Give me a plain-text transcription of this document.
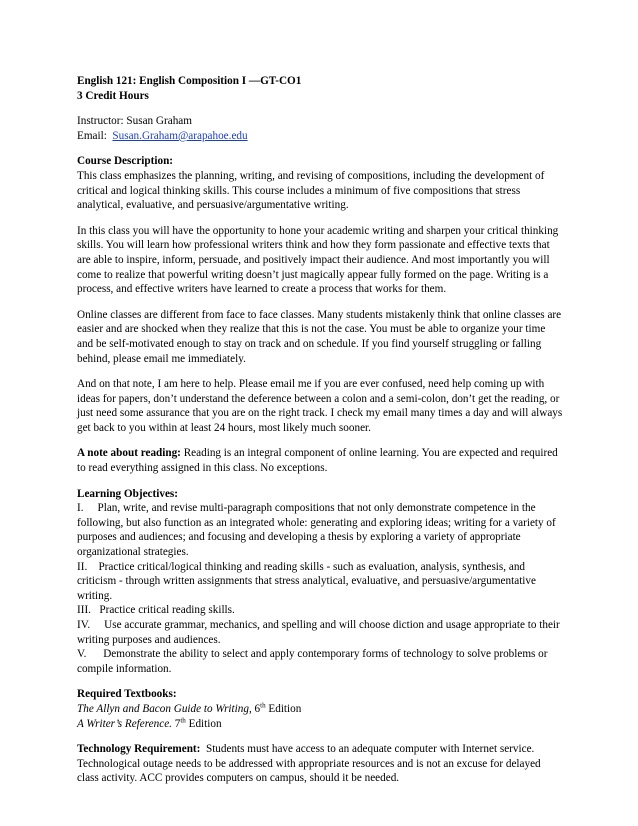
English 121: English Composition I —GT-CO1

3 Credit Hours

Instructor: Susan Graham

Email: Susan.Graham@arapahoe.edu

Course Description:

This class emphasizes the planning, writing, and revising of compositions, including the development of critical and logical thinking skills. This course includes a minimum of five compositions that stress analytical, evaluative, and persuasive/argumentative writing.

In this class you will have the opportunity to hone your academic writing and sharpen your critical thinking skills. You will learn how professional writers think and how they form passionate and effective texts that are able to inspire, inform, persuade, and positively impact their audience. And most importantly you will come to realize that powerful writing doesn’t just magically appear fully formed on the page. Writing is a process, and effective writers have learned to create a process that works for them.

Online classes are different from face to face classes. Many students mistakenly think that online classes are easier and are shocked when they realize that this is not the case. You must be able to organize your time and be self-motivated enough to stay on track and on schedule. If you find yourself struggling or falling behind, please email me immediately.

And on that note, I am here to help. Please email me if you are ever confused, need help coming up with ideas for papers, don’t understand the deference between a colon and a semi-colon, don’t get the reading, or just need some assurance that you are on the right track. I check my email many times a day and will always get back to you within at least 24 hours, most likely much sooner.

A note about reading: Reading is an integral component of online learning. You are expected and required to read everything assigned in this class. No exceptions.

Learning Objectives:

I. Plan, write, and revise multi-paragraph compositions that not only demonstrate competence in the following, but also function as an integrated whole: generating and exploring ideas; writing for a variety of purposes and audiences; and focusing and developing a thesis by exploring a variety of appropriate organizational strategies.

II. Practice critical/logical thinking and reading skills - such as evaluation, analysis, synthesis, and criticism - through written assignments that stress analytical, evaluative, and persuasive/argumentative writing.

III. Practice critical reading skills.

IV. Use accurate grammar, mechanics, and spelling and will choose diction and usage appropriate to their writing purposes and audiences.

V. Demonstrate the ability to select and apply contemporary forms of technology to solve problems or compile information.

Required Textbooks:

The Allyn and Bacon Guide to Writing, 6th Edition

A Writer’s Reference. 7th Edition

Technology Requirement: Students must have access to an adequate computer with Internet service. Technological outage needs to be addressed with appropriate resources and is not an excuse for delayed class activity. ACC provides computers on campus, should it be needed.
